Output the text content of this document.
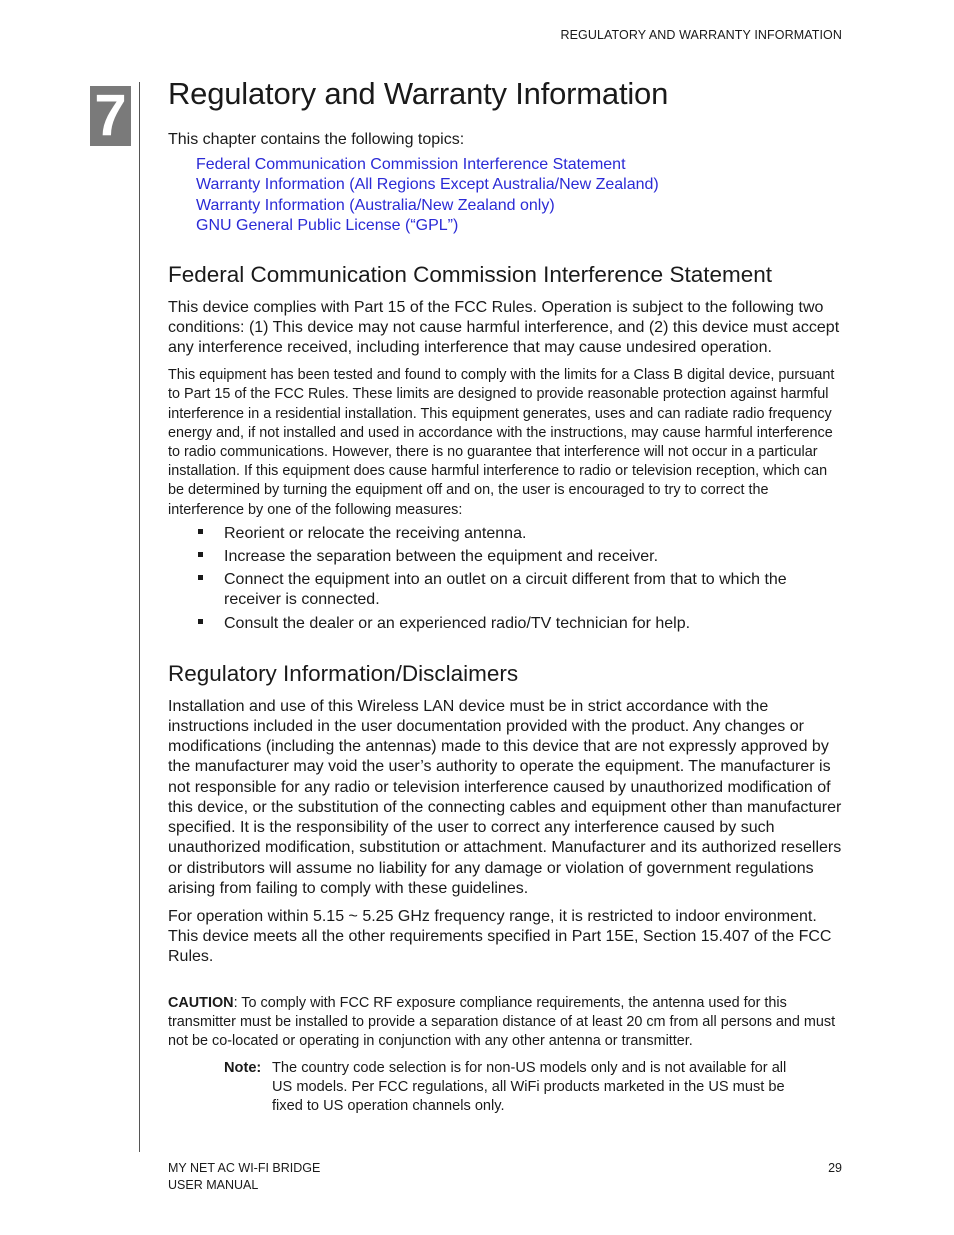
REGULATORY AND WARRANTY INFORMATION
7 Regulatory and Warranty Information

This chapter contains the following topics:

Federal Communication Commission Interference Statement
Warranty Information (All Regions Except Australia/New Zealand)
Warranty Information (Australia/New Zealand only)
GNU General Public License (“GPL”)
Federal Communication Commission Interference Statement

This device complies with Part 15 of the FCC Rules. Operation is subject to the following two conditions: (1) This device may not cause harmful interference, and (2) this device must accept any interference received, including interference that may cause undesired operation.

This equipment has been tested and found to comply with the limits for a Class B digital device, pursuant to Part 15 of the FCC Rules. These limits are designed to provide reasonable protection against harmful interference in a residential installation. This equipment generates, uses and can radiate radio frequency energy and, if not installed and used in accordance with the instructions, may cause harmful interference to radio communications. However, there is no guarantee that interference will not occur in a particular installation. If this equipment does cause harmful interference to radio or television reception, which can be determined by turning the equipment off and on, the user is encouraged to try to correct the interference by one of the following measures:

Reorient or relocate the receiving antenna.
Increase the separation between the equipment and receiver.
Connect the equipment into an outlet on a circuit different from that to which the receiver is connected.
Consult the dealer or an experienced radio/TV technician for help.
Regulatory Information/Disclaimers

Installation and use of this Wireless LAN device must be in strict accordance with the instructions included in the user documentation provided with the product. Any changes or modifications (including the antennas) made to this device that are not expressly approved by the manufacturer may void the user’s authority to operate the equipment. The manufacturer is not responsible for any radio or television interference caused by unauthorized modification of this device, or the substitution of the connecting cables and equipment other than manufacturer specified. It is the responsibility of the user to correct any interference caused by such unauthorized modification, substitution or attachment. Manufacturer and its authorized resellers or distributors will assume no liability for any damage or violation of government regulations arising from failing to comply with these guidelines.

For operation within 5.15 ~ 5.25 GHz frequency range, it is restricted to indoor environment. This device meets all the other requirements specified in Part 15E, Section 15.407 of the FCC Rules.

CAUTION: To comply with FCC RF exposure compliance requirements, the antenna used for this transmitter must be installed to provide a separation distance of at least 20 cm from all persons and must not be co-located or operating in conjunction with any other antenna or transmitter.

Note: The country code selection is for non-US models only and is not available for all US models. Per FCC regulations, all WiFi products marketed in the US must be fixed to US operation channels only.
MY NET AC WI-FI BRIDGE
USER MANUAL
29
